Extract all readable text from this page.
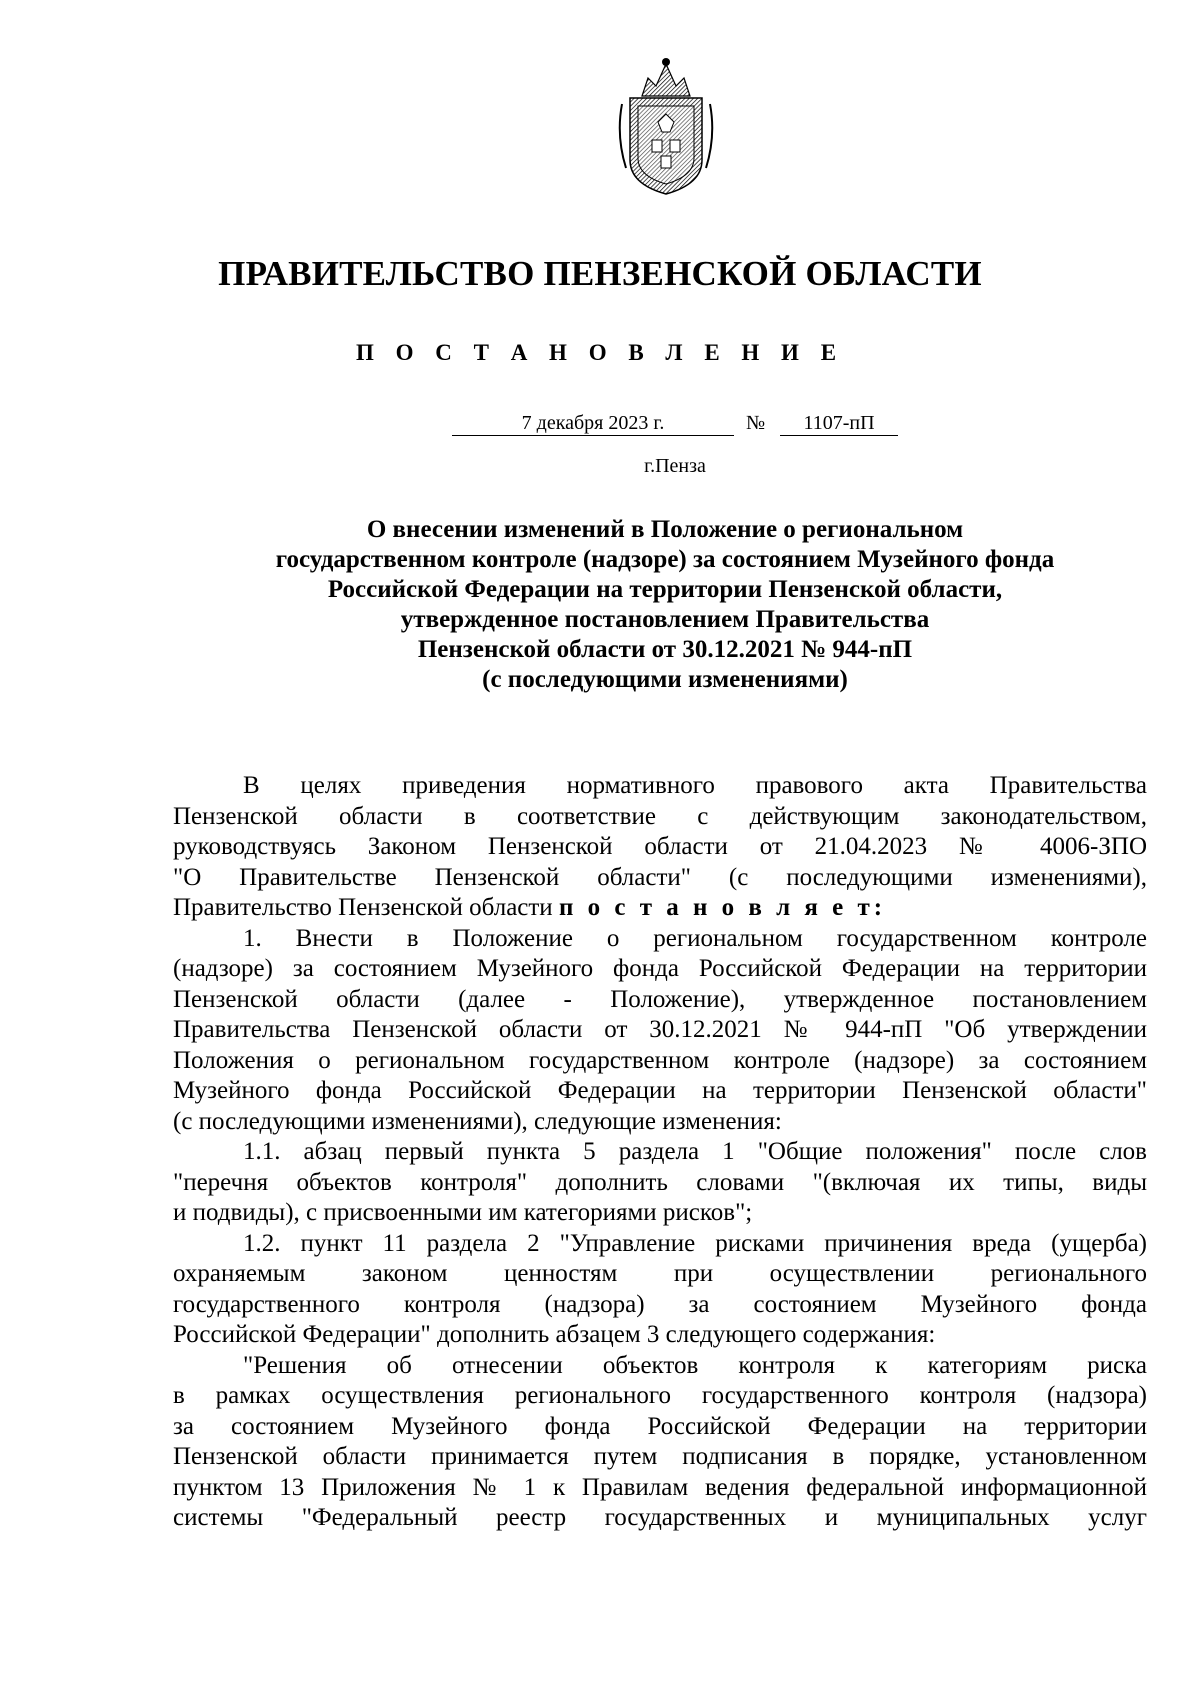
ПРАВИТЕЛЬСТВО ПЕНЗЕНСКОЙ ОБЛАСТИ
П О С Т А Н О В Л Е Н И Е
7 декабря 2023 г.	№	1107-пП
г.Пенза
О внесении изменений в Положение о региональном
государственном контроле (надзоре) за состоянием Музейного фонда
Российской Федерации на территории Пензенской области,
утвержденное постановлением Правительства
Пензенской области от 30.12.2021 № 944-пП
(с последующими изменениями)
В целях приведения нормативного правового акта Правительства
Пензенской области в соответствие с действующим законодательством,
руководствуясь Законом Пензенской области от 21.04.2023 № 4006-ЗПО
"О Правительстве Пензенской области" (с последующими изменениями),
Правительство Пензенской области п о с т а н о в л я е т:
1. Внести в Положение о региональном государственном контроле
(надзоре) за состоянием Музейного фонда Российской Федерации на территории
Пензенской области (далее - Положение), утвержденное постановлением
Правительства Пензенской области от 30.12.2021 № 944-пП "Об утверждении
Положения о региональном государственном контроле (надзоре) за состоянием
Музейного фонда Российской Федерации на территории Пензенской области"
(с последующими изменениями), следующие изменения:
1.1. абзац первый пункта 5 раздела 1 "Общие положения" после слов
"перечня объектов контроля" дополнить словами "(включая их типы, виды
и подвиды), с присвоенными им категориями рисков";
1.2. пункт 11 раздела 2 "Управление рисками причинения вреда (ущерба)
охраняемым законом ценностям при осуществлении регионального
государственного контроля (надзора) за состоянием Музейного фонда
Российской Федерации" дополнить абзацем 3 следующего содержания:
"Решения об отнесении объектов контроля к категориям риска
в рамках осуществления регионального государственного контроля (надзора)
за состоянием Музейного фонда Российской Федерации на территории
Пензенской области принимается путем подписания в порядке, установленном
пунктом 13 Приложения № 1 к Правилам ведения федеральной информационной
системы "Федеральный реестр государственных и муниципальных услуг
